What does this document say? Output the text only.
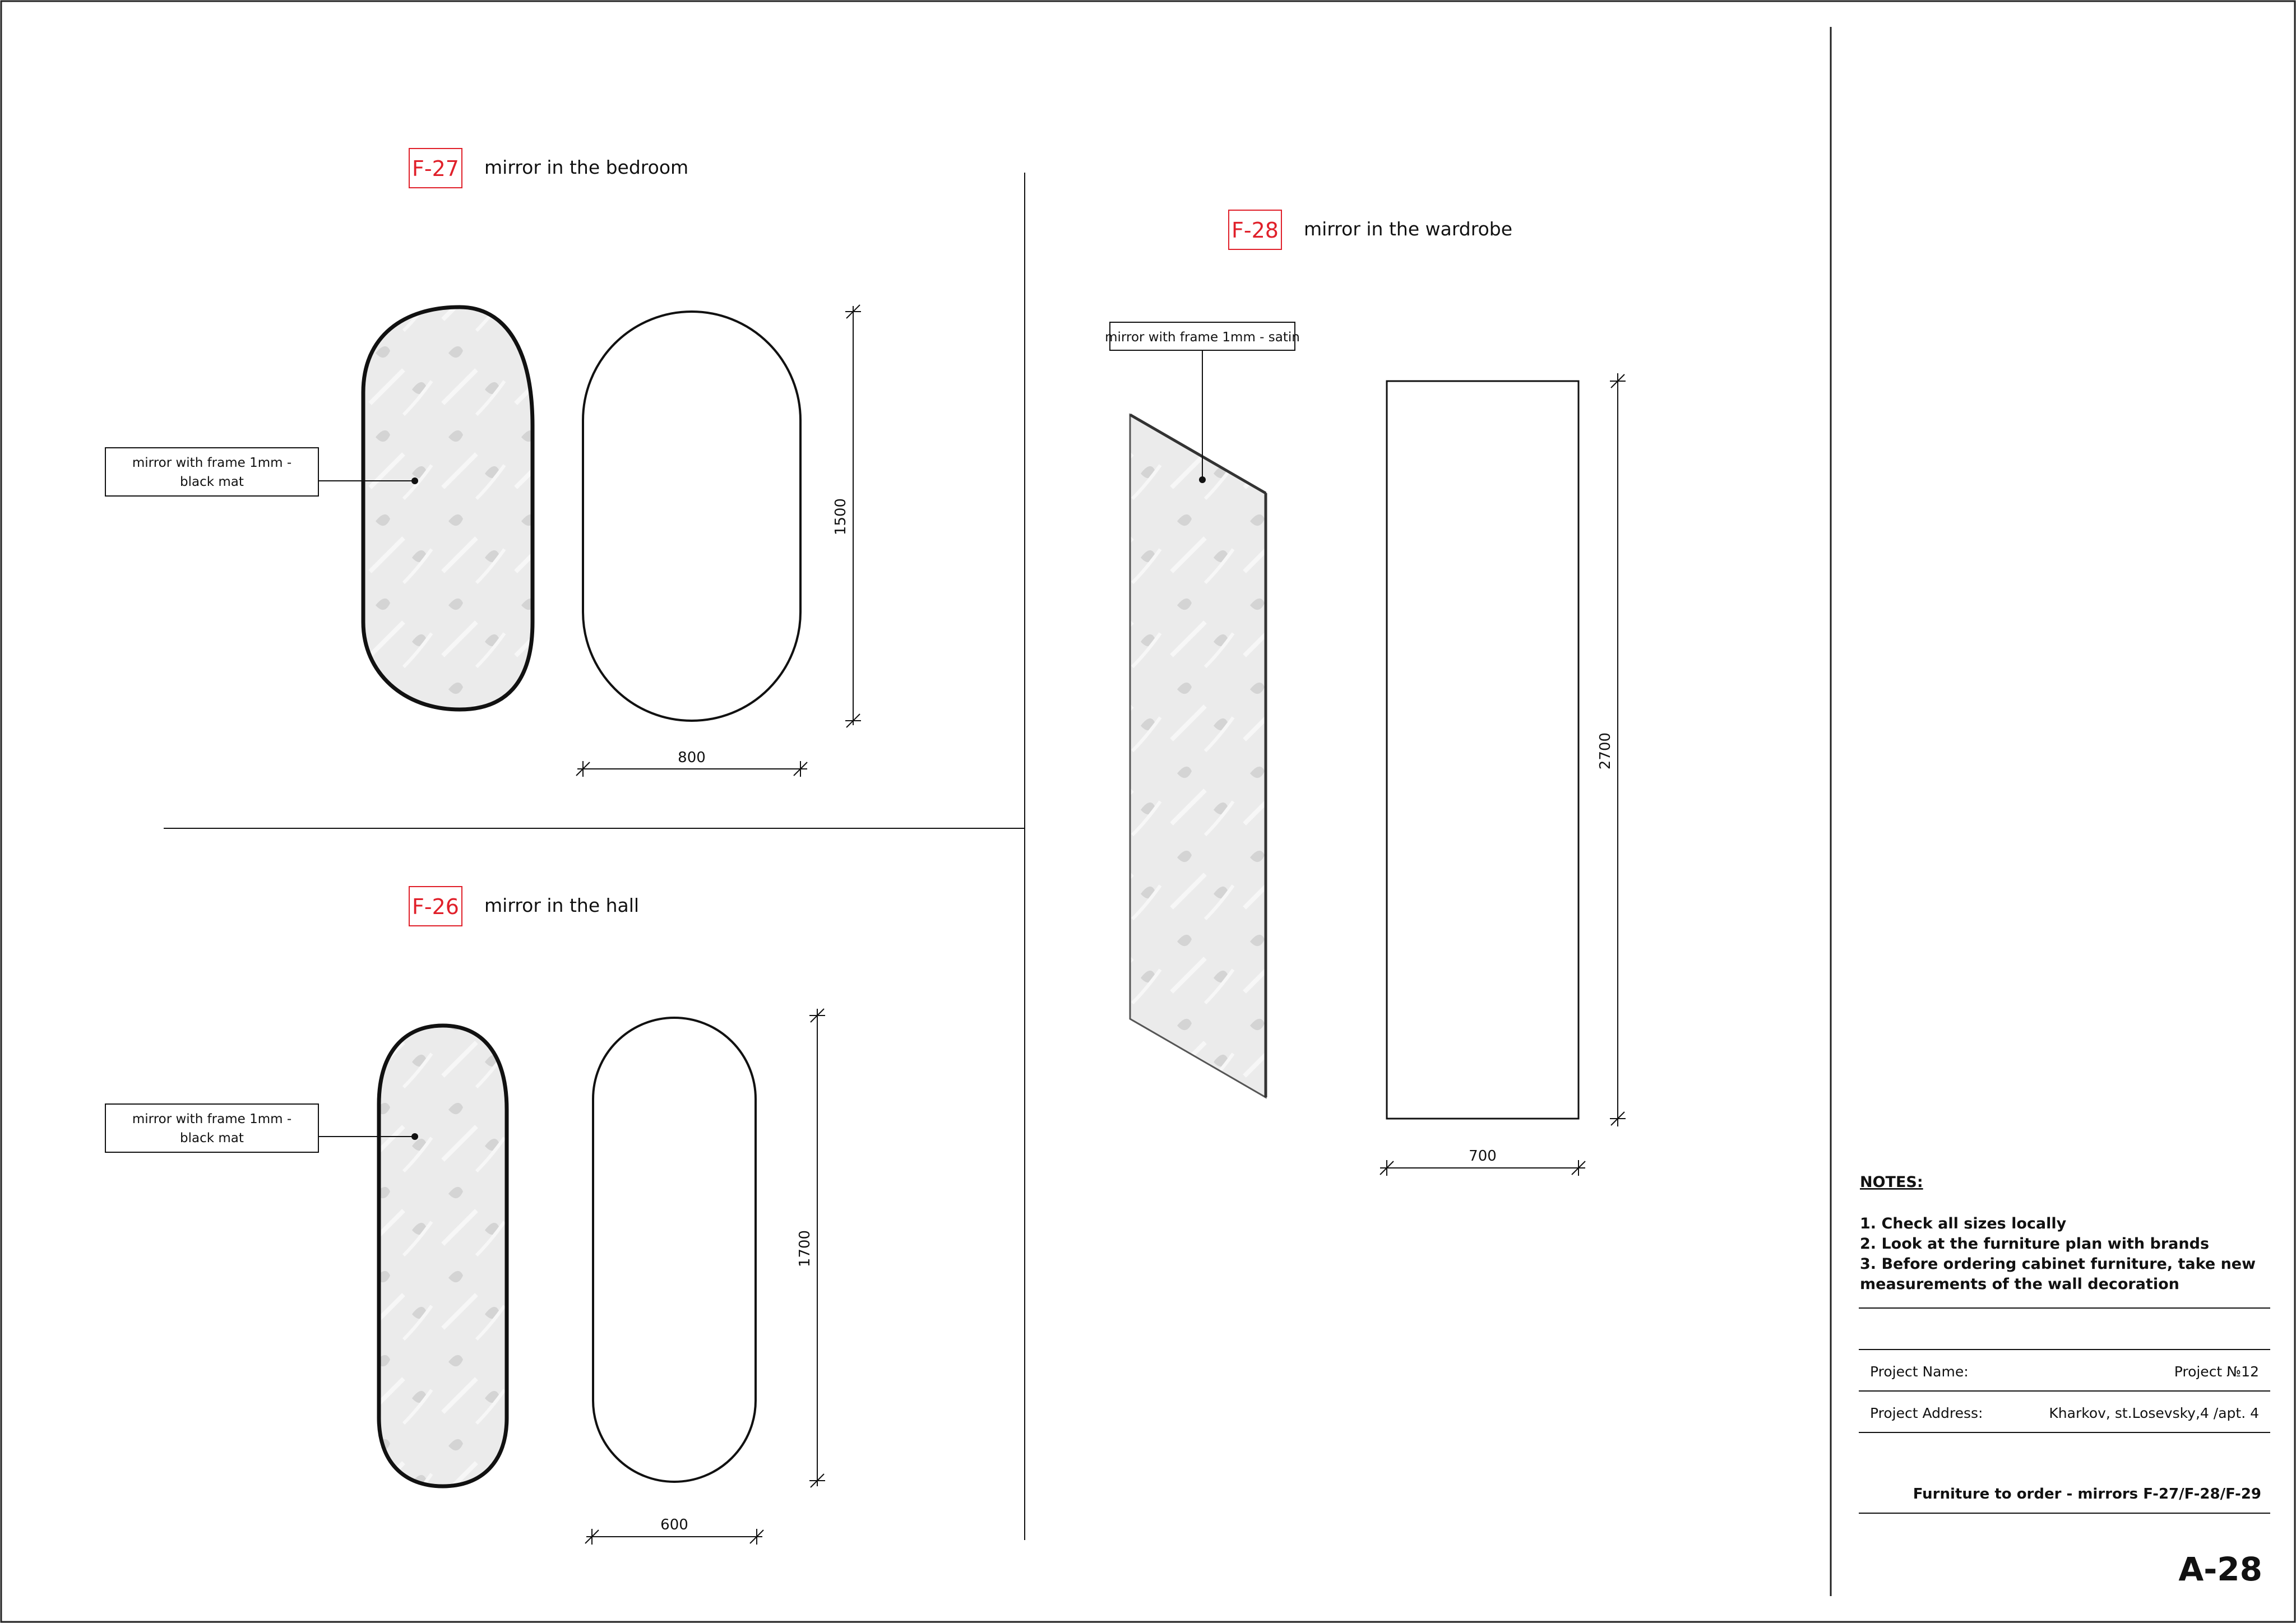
F-27 mirror in the bedroom
mirror with frame 1mm -
black mat
1500
800
F-26 mirror in the hall
mirror with frame 1mm -
black mat
1700
600
F-28 mirror in the wardrobe
mirror with frame 1mm - satin
2700
700
NOTES:
1. Check all sizes locally
2. Look at the furniture plan with brands
3. Before ordering cabinet furniture, take new
measurements of the wall decoration
Project Name:	Project №12
Project Address:	Kharkov, st.Losevsky,4 /apt. 4
Furniture to order - mirrors F-27/F-28/F-29
A-28
